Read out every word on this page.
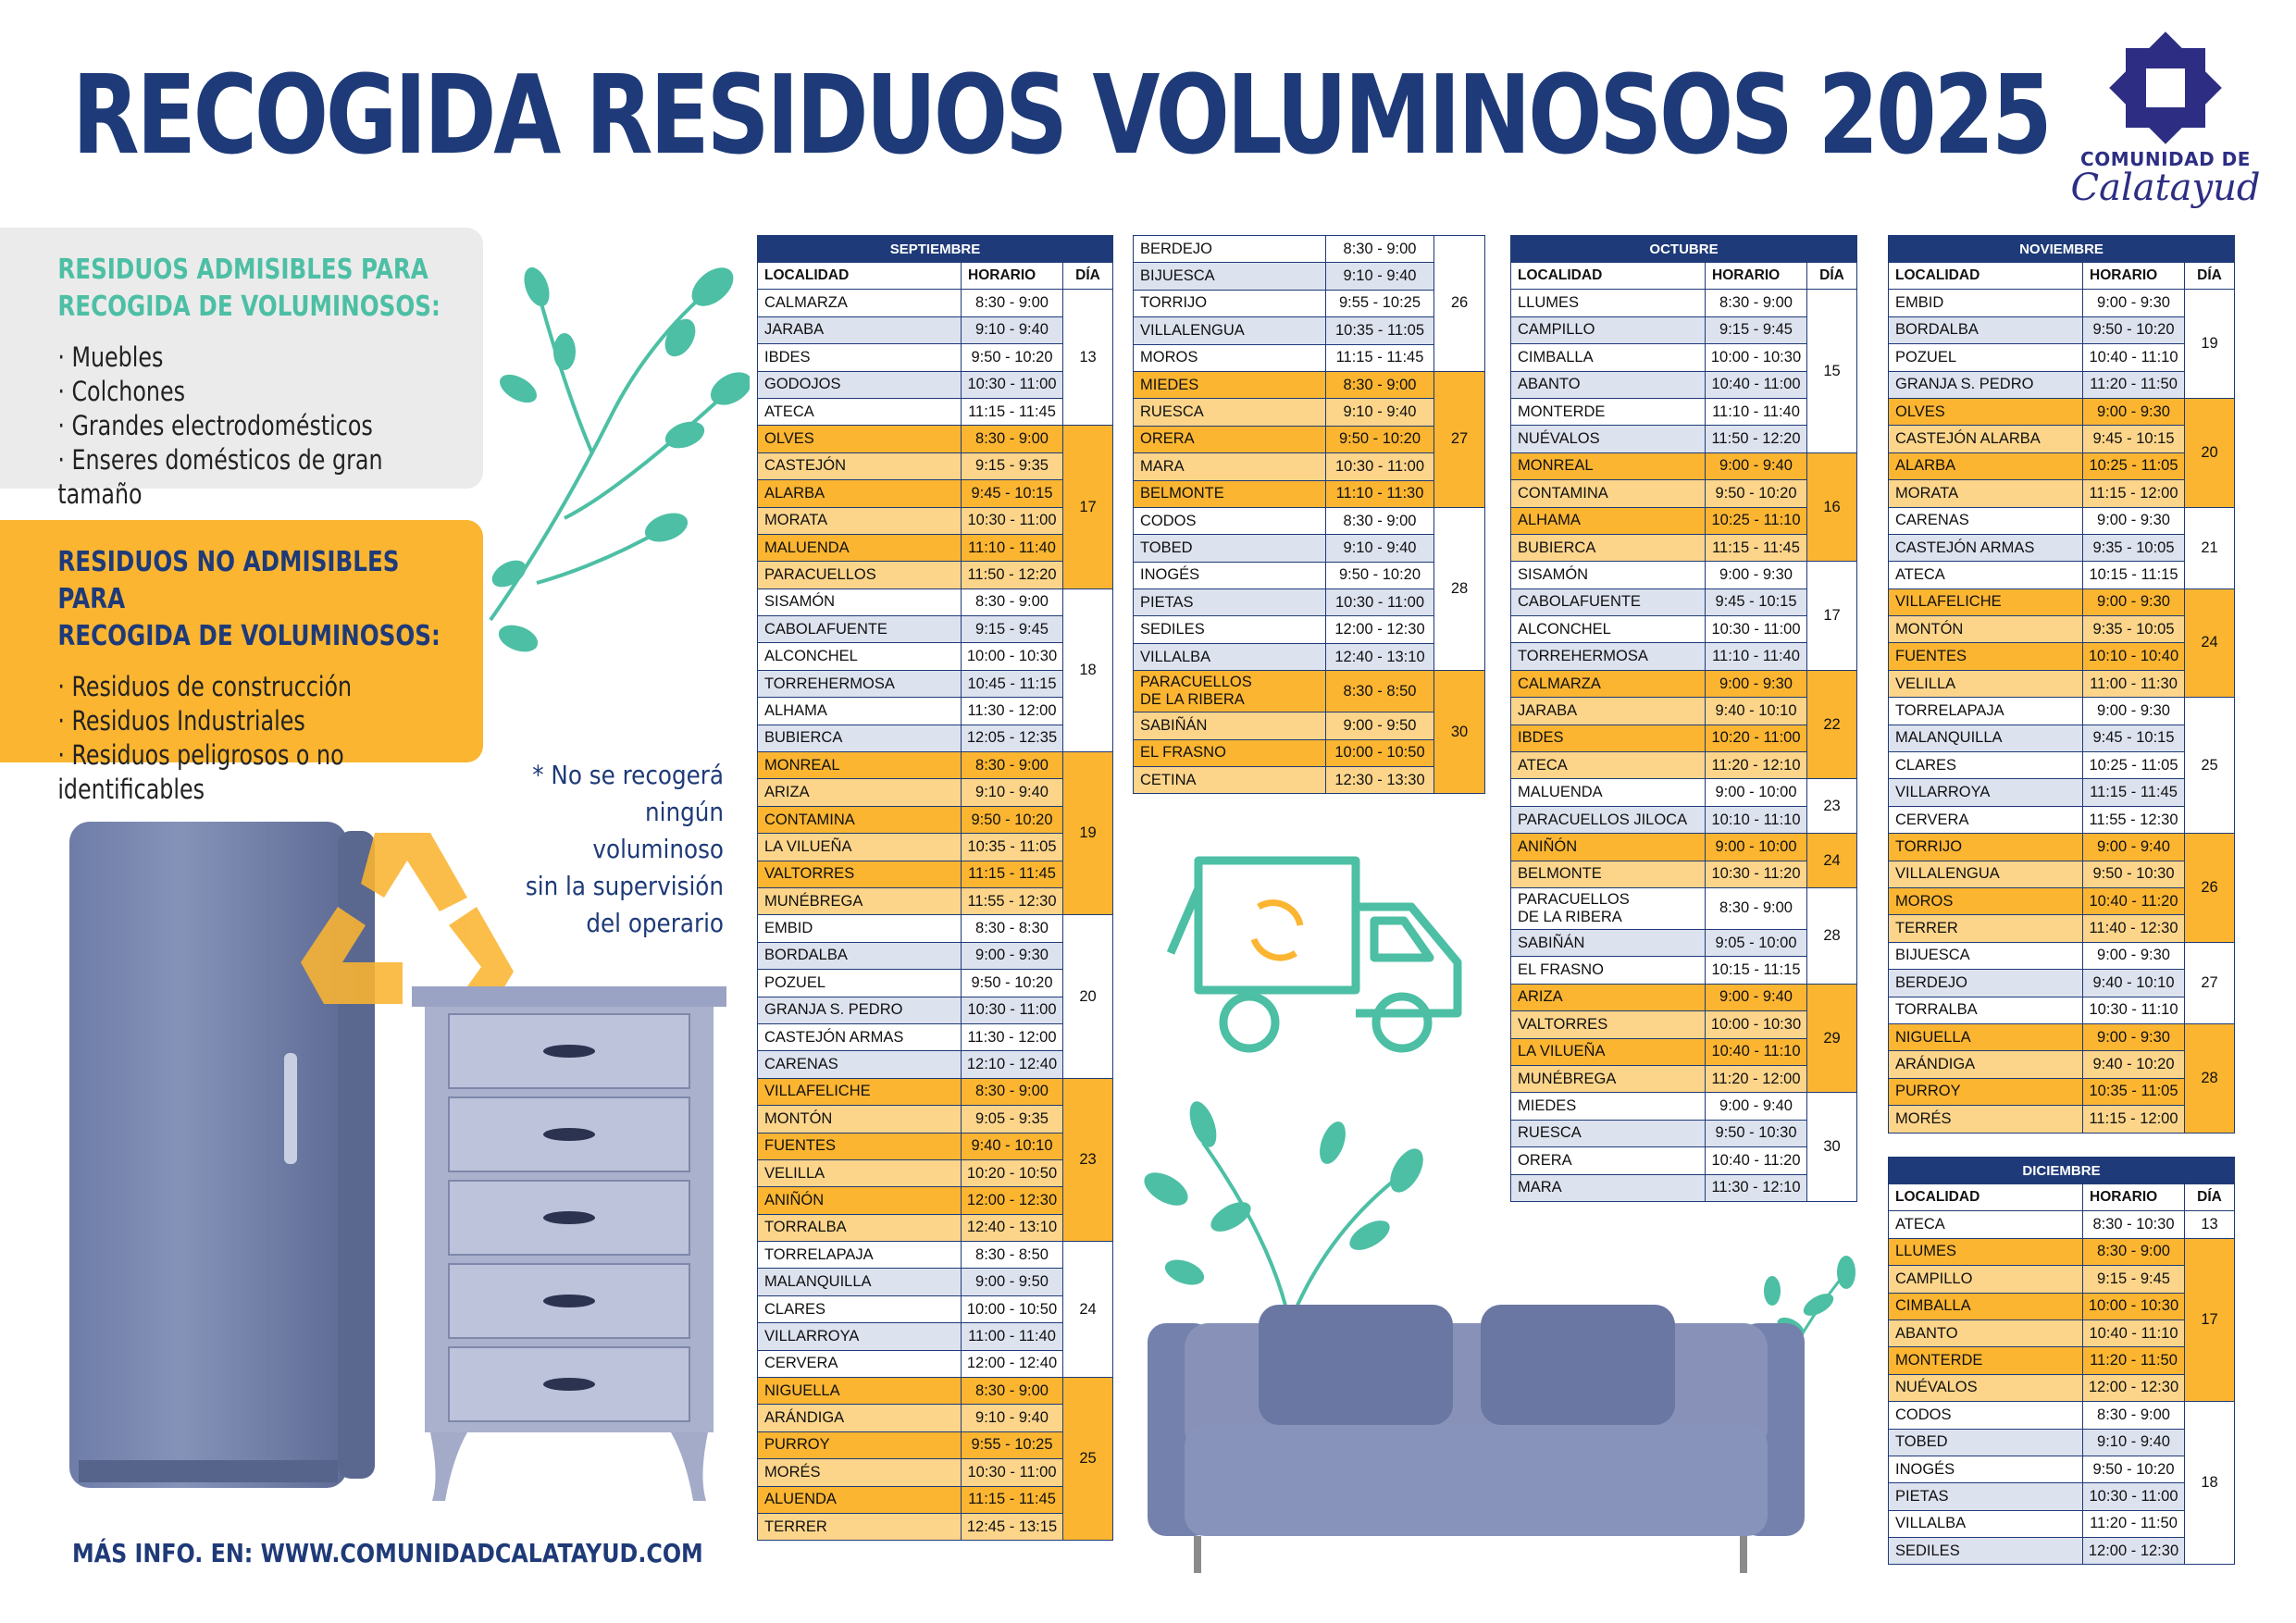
RECOGIDA RESIDUOS VOLUMINOSOS 2025	COMUNIDAD DE
Calatayud
RESIDUOS ADMISIBLES PARA
RECOGIDA DE VOLUMINOSOS:
· Muebles
· Colchones
· Grandes electrodomésticos
· Enseres domésticos de gran tamaño
RESIDUOS NO ADMISIBLES PARA
RECOGIDA DE VOLUMINOSOS:
· Residuos de construcción
· Residuos Industriales
· Residuos peligrosos o no identificables	* No se recogerá
ningún voluminoso
sin la supervisión
del operario
MÁS INFO. EN: WWW.COMUNIDADCALATAYUD.COM
SEPTIEMBRE		
LOCALIDAD	HORARIO	DÍA
CALMARZA	8:30 - 9:00	13
JARABA	9:10 - 9:40	
IBDES	9:50 - 10:20	
GODOJOS	10:30 - 11:00	
ATECA	11:15 - 11:45	
OLVES	8:30 - 9:00	17
CASTEJÓN	9:15 - 9:35	
ALARBA	9:45 - 10:15	
MORATA	10:30 - 11:00	
MALUENDA	11:10 - 11:40	
PARACUELLOS	11:50 - 12:20	
SISAMÓN	8:30 - 9:00	18
CABOLAFUENTE	9:15 - 9:45	
ALCONCHEL	10:00 - 10:30	
TORREHERMOSA	10:45 - 11:15	
ALHAMA	11:30 - 12:00	
BUBIERCA	12:05 - 12:35	
MONREAL	8:30 - 9:00	19
ARIZA	9:10 - 9:40	
CONTAMINA	9:50 - 10:20	
LA VILUEÑA	10:35 - 11:05	
VALTORRES	11:15 - 11:45	
MUNÉBREGA	11:55 - 12:30	
EMBID	8:30 - 8:30	20
BORDALBA	9:00 - 9:30	
POZUEL	9:50 - 10:20	
GRANJA S. PEDRO	10:30 - 11:00	
CASTEJÓN ARMAS	11:30 - 12:00	
CARENAS	12:10 - 12:40	
VILLAFELICHE	8:30 - 9:00	23
MONTÓN	9:05 - 9:35	
FUENTES	9:40 - 10:10	
VELILLA	10:20 - 10:50	
ANIÑÓN	12:00 - 12:30	
TORRALBA	12:40 - 13:10	
TORRELAPAJA	8:30 - 8:50	24
MALANQUILLA	9:00 - 9:50	
CLARES	10:00 - 10:50	
VILLARROYA	11:00 - 11:40	
CERVERA	12:00 - 12:40	
NIGUELLA	8:30 - 9:00	25
ARÁNDIGA	9:10 - 9:40	
PURROY	9:55 - 10:25	
MORÉS	10:30 - 11:00	
ALUENDA	11:15 - 11:45	
TERRER	12:45 - 13:15	
BERDEJO	8:30 - 9:00	26
BIJUESCA	9:10 - 9:40	
TORRIJO	9:55 - 10:25	
VILLALENGUA	10:35 - 11:05	
MOROS	11:15 - 11:45	
MIEDES	8:30 - 9:00	27
RUESCA	9:10 - 9:40	
ORERA	9:50 - 10:20	
MARA	10:30 - 11:00	
BELMONTE	11:10 - 11:30	
CODOS	8:30 - 9:00	28
TOBED	9:10 - 9:40	
INOGÉS	9:50 - 10:20	
PIETAS	10:30 - 11:00	
SEDILES	12:00 - 12:30	
VILLALBA	12:40 - 13:10	

PARACUELLOS
DE LA RIBERA	8:30 - 8:50	30
SABIÑÁN	9:00 - 9:50	
EL FRASNO	10:00 - 10:50	
CETINA	12:30 - 13:30	
OCTUBRE		
LOCALIDAD	HORARIO	DÍA
LLUMES	8:30 - 9:00	15
CAMPILLO	9:15 - 9:45	
CIMBALLA	10:00 - 10:30	
ABANTO	10:40 - 11:00	
MONTERDE	11:10 - 11:40	
NUÉVALOS	11:50 - 12:20	
MONREAL	9:00 - 9:40	16
CONTAMINA	9:50 - 10:20	
ALHAMA	10:25 - 11:10	
BUBIERCA	11:15 - 11:45	
SISAMÓN	9:00 - 9:30	17
CABOLAFUENTE	9:45 - 10:15	
ALCONCHEL	10:30 - 11:00	
TORREHERMOSA	11:10 - 11:40	
CALMARZA	9:00 - 9:30	22
JARABA	9:40 - 10:10	
IBDES	10:20 - 11:00	
ATECA	11:20 - 12:10	
MALUENDA	9:00 - 10:00	23
PARACUELLOS JILOCA	10:10 - 11:10	
ANIÑÓN	9:00 - 10:00	24
BELMONTE	10:30 - 11:20	

PARACUELLOS
DE LA RIBERA	8:30 - 9:00	28
SABIÑÁN	9:05 - 10:00	
EL FRASNO	10:15 - 11:15	
ARIZA	9:00 - 9:40	29
VALTORRES	10:00 - 10:30	
LA VILUEÑA	10:40 - 11:10	
MUNÉBREGA	11:20 - 12:00	
MIEDES	9:00 - 9:40	30
RUESCA	9:50 - 10:30	
ORERA	10:40 - 11:20	
MARA	11:30 - 12:10	
NOVIEMBRE		
LOCALIDAD	HORARIO	DÍA
EMBID	9:00 - 9:30	19
BORDALBA	9:50 - 10:20	
POZUEL	10:40 - 11:10	
GRANJA S. PEDRO	11:20 - 11:50	
OLVES	9:00 - 9:30	20
CASTEJÓN ALARBA	9:45 - 10:15	
ALARBA	10:25 - 11:05	
MORATA	11:15 - 12:00	
CARENAS	9:00 - 9:30	21
CASTEJÓN ARMAS	9:35 - 10:05	
ATECA	10:15 - 11:15	
VILLAFELICHE	9:00 - 9:30	24
MONTÓN	9:35 - 10:05	
FUENTES	10:10 - 10:40	
VELILLA	11:00 - 11:30	
TORRELAPAJA	9:00 - 9:30	25
MALANQUILLA	9:45 - 10:15	
CLARES	10:25 - 11:05	
VILLARROYA	11:15 - 11:45	
CERVERA	11:55 - 12:30	
TORRIJO	9:00 - 9:40	26
VILLALENGUA	9:50 - 10:30	
MOROS	10:40 - 11:20	
TERRER	11:40 - 12:30	
BIJUESCA	9:00 - 9:30	27
BERDEJO	9:40 - 10:10	
TORRALBA	10:30 - 11:10	
NIGUELLA	9:00 - 9:30	28
ARÁNDIGA	9:40 - 10:20	
PURROY	10:35 - 11:05	
MORÉS	11:15 - 12:00	
DICIEMBRE		
LOCALIDAD	HORARIO	DÍA
ATECA	8:30 - 10:30	13
LLUMES	8:30 - 9:00	17
CAMPILLO	9:15 - 9:45	
CIMBALLA	10:00 - 10:30	
ABANTO	10:40 - 11:10	
MONTERDE	11:20 - 11:50	
NUÉVALOS	12:00 - 12:30	
CODOS	8:30 - 9:00	18
TOBED	9:10 - 9:40	
INOGÉS	9:50 - 10:20	
PIETAS	10:30 - 11:00	
VILLALBA	11:20 - 11:50	
SEDILES	12:00 - 12:30	
